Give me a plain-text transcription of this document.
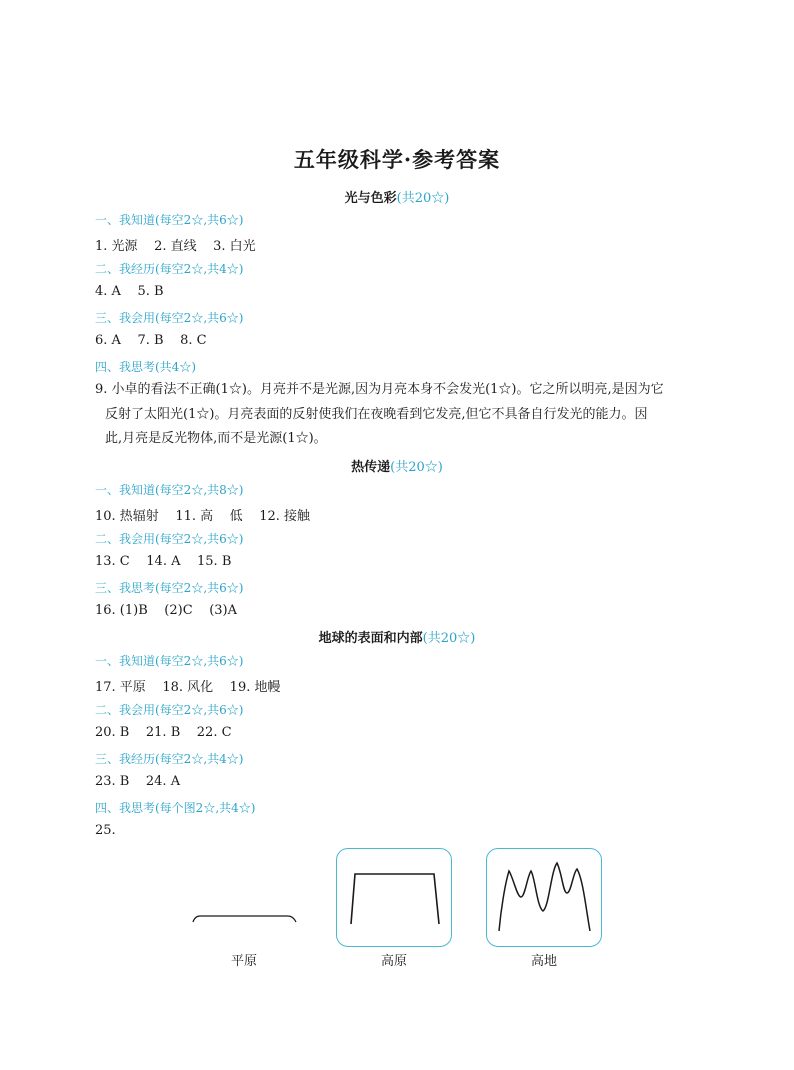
五年级科学·参考答案
光与色彩(共20☆)
一、我知道(每空2☆,共6☆)
1. 光源    2. 直线    3. 白光
二、我经历(每空2☆,共4☆)
4. A    5. B
三、我会用(每空2☆,共6☆)
6. A    7. B    8. C
四、我思考(共4☆)
9. 小卓的看法不正确(1☆)。月亮并不是光源,因为月亮本身不会发光(1☆)。它之所以明亮,是因为它
反射了太阳光(1☆)。月亮表面的反射使我们在夜晚看到它发亮,但它不具备自行发光的能力。因
此,月亮是反光物体,而不是光源(1☆)。
热传递(共20☆)
一、我知道(每空2☆,共8☆)
10. 热辐射    11. 高    低    12. 接触
二、我会用(每空2☆,共6☆)
13. C    14. A    15. B
三、我思考(每空2☆,共6☆)
16. (1)B    (2)C    (3)A
地球的表面和内部(共20☆)
一、我知道(每空2☆,共6☆)
17. 平原    18. 风化    19. 地幔
二、我会用(每空2☆,共6☆)
20. B    21. B    22. C
三、我经历(每空2☆,共4☆)
23. B    24. A
四、我思考(每个图2☆,共4☆)
25.
平原	高原	高地
